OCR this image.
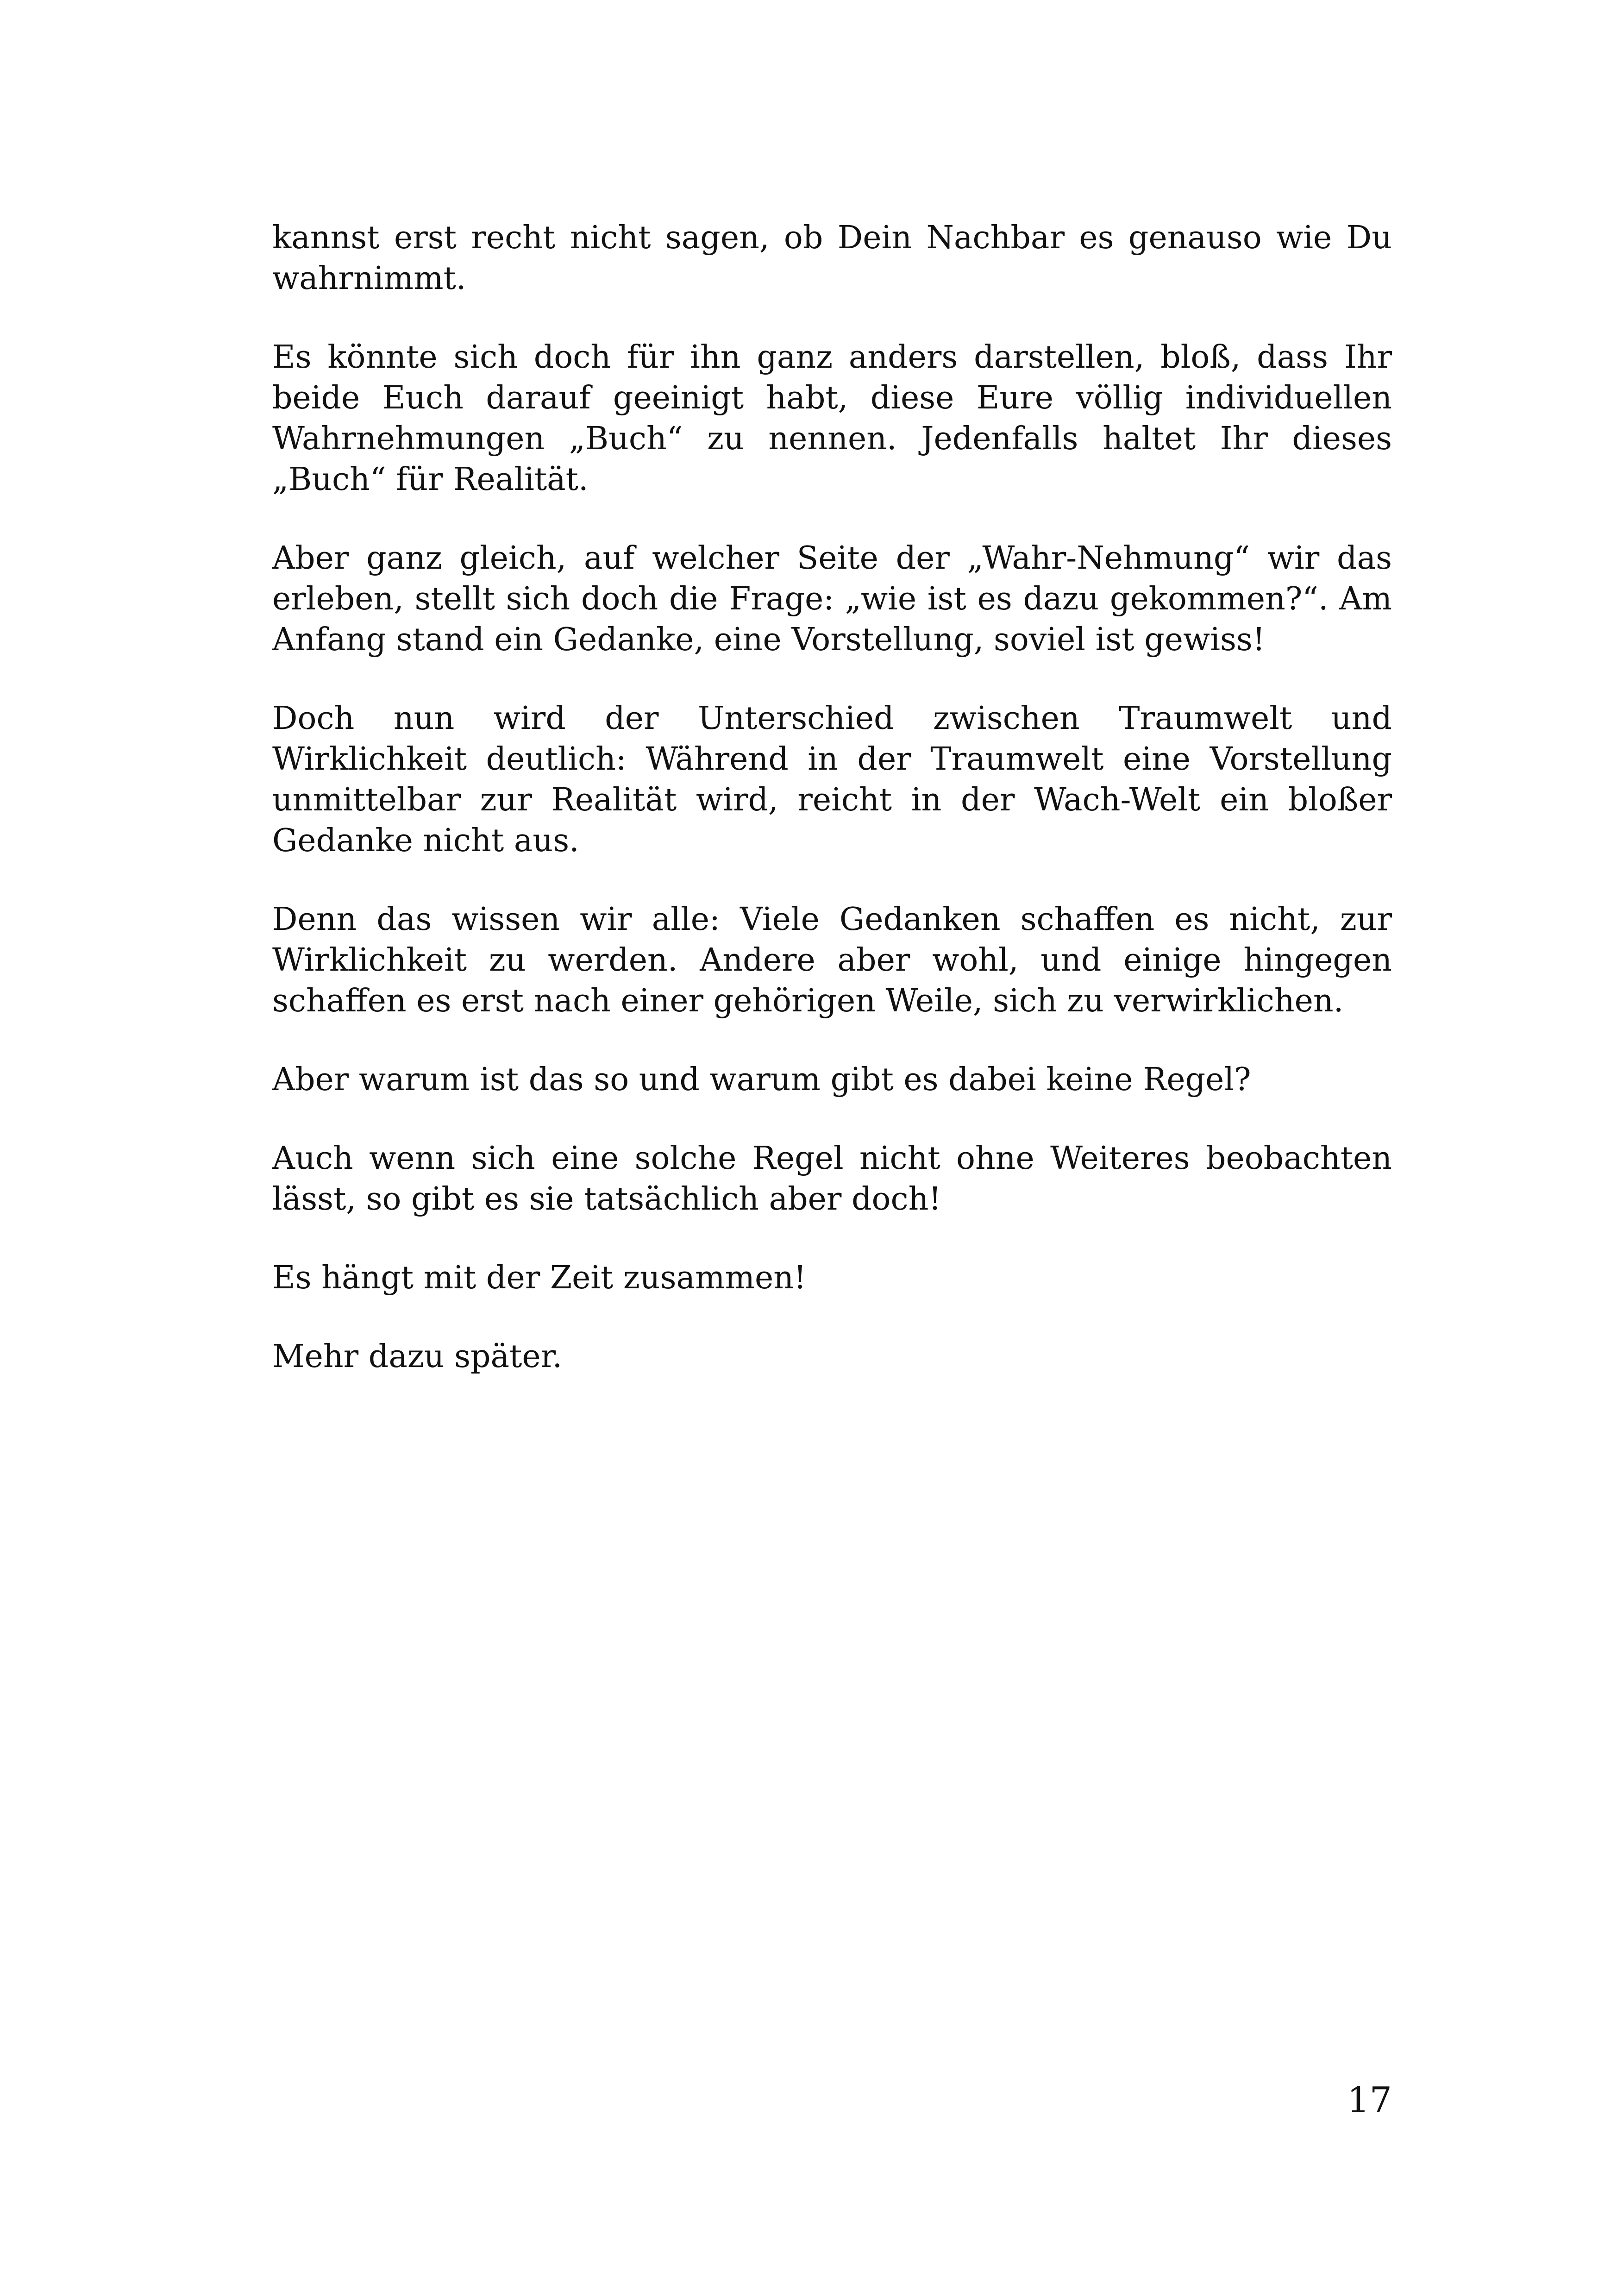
kannst erst recht nicht sagen, ob Dein Nachbar es genauso wie Du wahrnimmt.

Es könnte sich doch für ihn ganz anders darstellen, bloß, dass Ihr beide Euch darauf geeinigt habt, diese Eure völlig individuellen Wahrnehmungen „Buch“ zu nennen. Jedenfalls haltet Ihr dieses „Buch“ für Realität.

Aber ganz gleich, auf welcher Seite der „Wahr-Nehmung“ wir das erleben, stellt sich doch die Frage: „wie ist es dazu gekommen?“. Am Anfang stand ein Gedanke, eine Vorstellung, soviel ist gewiss!

Doch nun wird der Unterschied zwischen Traumwelt und Wirklichkeit deutlich: Während in der Traumwelt eine Vorstellung unmittelbar zur Realität wird, reicht in der Wach-Welt ein bloßer Gedanke nicht aus.

Denn das wissen wir alle: Viele Gedanken schaffen es nicht, zur Wirklichkeit zu werden. Andere aber wohl, und einige hingegen schaffen es erst nach einer gehörigen Weile, sich zu verwirklichen.

Aber warum ist das so und warum gibt es dabei keine Regel?

Auch wenn sich eine solche Regel nicht ohne Weiteres beobachten lässt, so gibt es sie tatsächlich aber doch!

Es hängt mit der Zeit zusammen!

Mehr dazu später.

17
